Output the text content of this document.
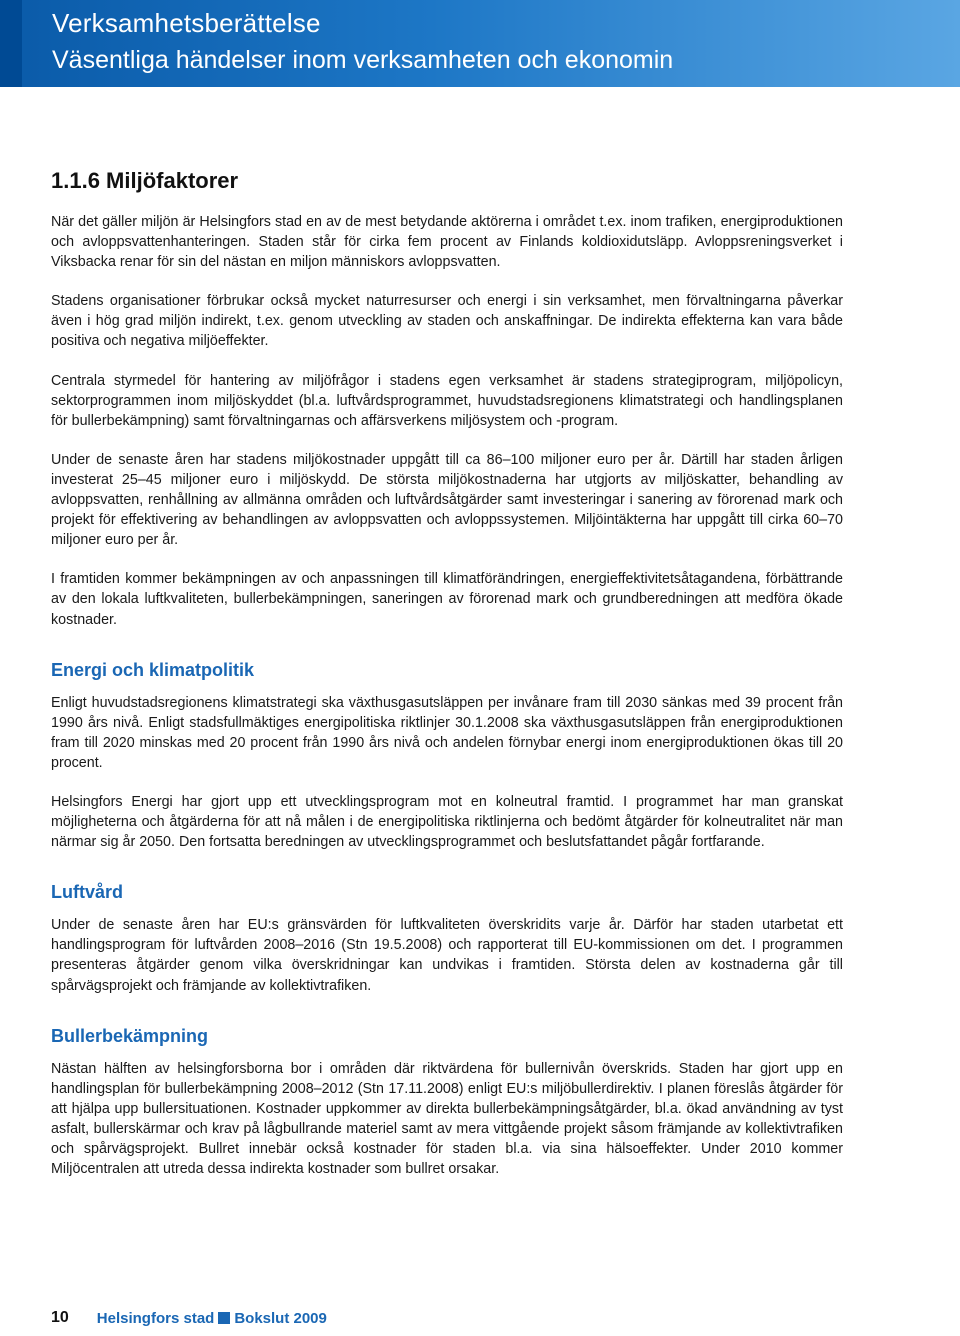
Verksamhetsberättelse
Väsentliga händelser inom verksamheten och ekonomin
1.1.6 Miljöfaktorer

När det gäller miljön är Helsingfors stad en av de mest betydande aktörerna i området t.ex. inom trafiken, energiproduktionen och avloppsvattenhanteringen. Staden står för cirka fem procent av Finlands koldioxidutsläpp. Avloppsreningsverket i Viksbacka renar för sin del nästan en miljon människors avloppsvatten.

Stadens organisationer förbrukar också mycket naturresurser och energi i sin verksamhet, men förvaltningarna påverkar även i hög grad miljön indirekt, t.ex. genom utveckling av staden och anskaffningar. De indirekta effekterna kan vara både positiva och negativa miljöeffekter.

Centrala styrmedel för hantering av miljöfrågor i stadens egen verksamhet är stadens strategiprogram, miljöpolicyn, sektorprogrammen inom miljöskyddet (bl.a. luftvårdsprogrammet, huvudstadsregionens klimatstrategi och handlingsplanen för bullerbekämpning) samt förvaltningarnas och affärsverkens miljösystem och -program.

Under de senaste åren har stadens miljökostnader uppgått till ca 86–100 miljoner euro per år. Därtill har staden årligen investerat 25–45 miljoner euro i miljöskydd. De största miljökostnaderna har utgjorts av miljöskatter, behandling av avloppsvatten, renhållning av allmänna områden och luftvårdsåtgärder samt investeringar i sanering av förorenad mark och projekt för effektivering av behandlingen av avloppsvatten och avloppssystemen. Miljöintäkterna har uppgått till cirka 60–70 miljoner euro per år.

I framtiden kommer bekämpningen av och anpassningen till klimatförändringen, energieffektivitetsåtagandena, förbättrande av den lokala luftkvaliteten, bullerbekämpningen, saneringen av förorenad mark och grundberedningen att medföra ökade kostnader.

Energi och klimatpolitik

Enligt huvudstadsregionens klimatstrategi ska växthusgasutsläppen per invånare fram till 2030 sänkas med 39 procent från 1990 års nivå. Enligt stadsfullmäktiges energipolitiska riktlinjer 30.1.2008 ska växthusgasutsläppen från energiproduktionen fram till 2020 minskas med 20 procent från 1990 års nivå och andelen förnybar energi inom energiproduktionen ökas till 20 procent.

Helsingfors Energi har gjort upp ett utvecklingsprogram mot en kolneutral framtid. I programmet har man granskat möjligheterna och åtgärderna för att nå målen i de energipolitiska riktlinjerna och bedömt åtgärder för kolneutralitet när man närmar sig år 2050. Den fortsatta beredningen av utvecklingsprogrammet och beslutsfattandet pågår fortfarande.

Luftvård

Under de senaste åren har EU:s gränsvärden för luftkvaliteten överskridits varje år. Därför har staden utarbetat ett handlingsprogram för luftvården 2008–2016 (Stn 19.5.2008) och rapporterat till EU-kommissionen om det. I programmen presenteras åtgärder genom vilka överskridningar kan undvikas i framtiden. Största delen av kostnaderna går till spårvägsprojekt och främjande av kollektivtrafiken.

Bullerbekämpning

Nästan hälften av helsingforsborna bor i områden där riktvärdena för bullernivån överskrids. Staden har gjort upp en handlingsplan för bullerbekämpning 2008–2012 (Stn 17.11.2008) enligt EU:s miljöbullerdirektiv. I planen föreslås åtgärder för att hjälpa upp bullersituationen. Kostnader uppkommer av direkta bullerbekämpningsåtgärder, bl.a. ökad användning av tyst asfalt, bullerskärmar och krav på lågbullrande materiel samt av mera vittgående projekt såsom främjande av kollektivtrafiken och spårvägsprojekt. Bullret innebär också kostnader för staden bl.a. via sina hälsoeffekter. Under 2010 kommer Miljöcentralen att utreda dessa indirekta kostnader som bullret orsakar.

10 Helsingfors stad Bokslut 2009
